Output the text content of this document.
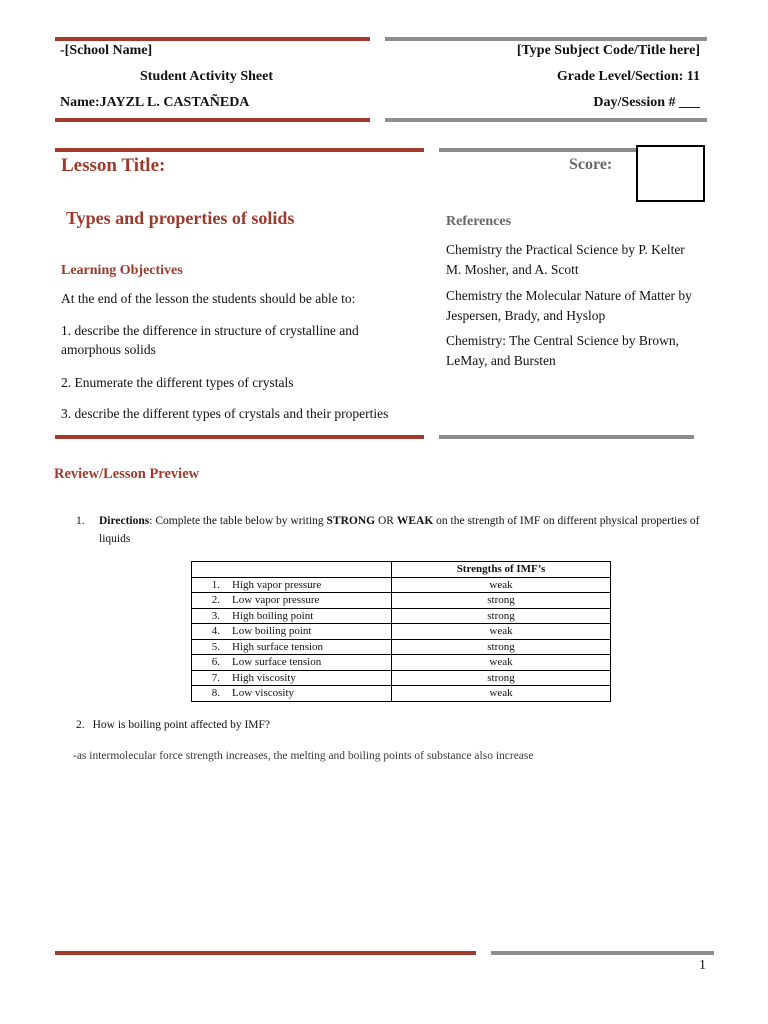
-[School Name]
Student Activity Sheet
Name:JAYZL L. CASTAÑEDA
[Type Subject Code/Title here]
Grade Level/Section: 11
Day/Session # ___
Lesson Title:	Score:
Types and properties of solids
Learning Objectives
At the end of the lesson the students should be able to:
1. describe the difference in structure of crystalline and amorphous solids
2. Enumerate the different types of crystals
3. describe the different types of crystals and their properties
References
Chemistry the Practical Science by P. Kelter M. Mosher, and A. Scott
Chemistry the Molecular Nature of Matter by Jespersen, Brady, and Hyslop
Chemistry: The Central Science by Brown, LeMay, and Bursten
Review/Lesson Preview
1. Directions: Complete the table below by writing STRONG OR WEAK on the strength of IMF on different physical properties of liquids
	Strengths of IMF’s
1. High vapor pressure	weak
2. Low vapor pressure	strong
3. High boiling point	strong
4. Low boiling point	weak
5. High surface tension	strong
6. Low surface tension	weak
7. High viscosity	strong
8. Low viscosity	weak
2. How is boiling point affected by IMF?
-as intermolecular force strength increases, the melting and boiling points of substance also increase
1
